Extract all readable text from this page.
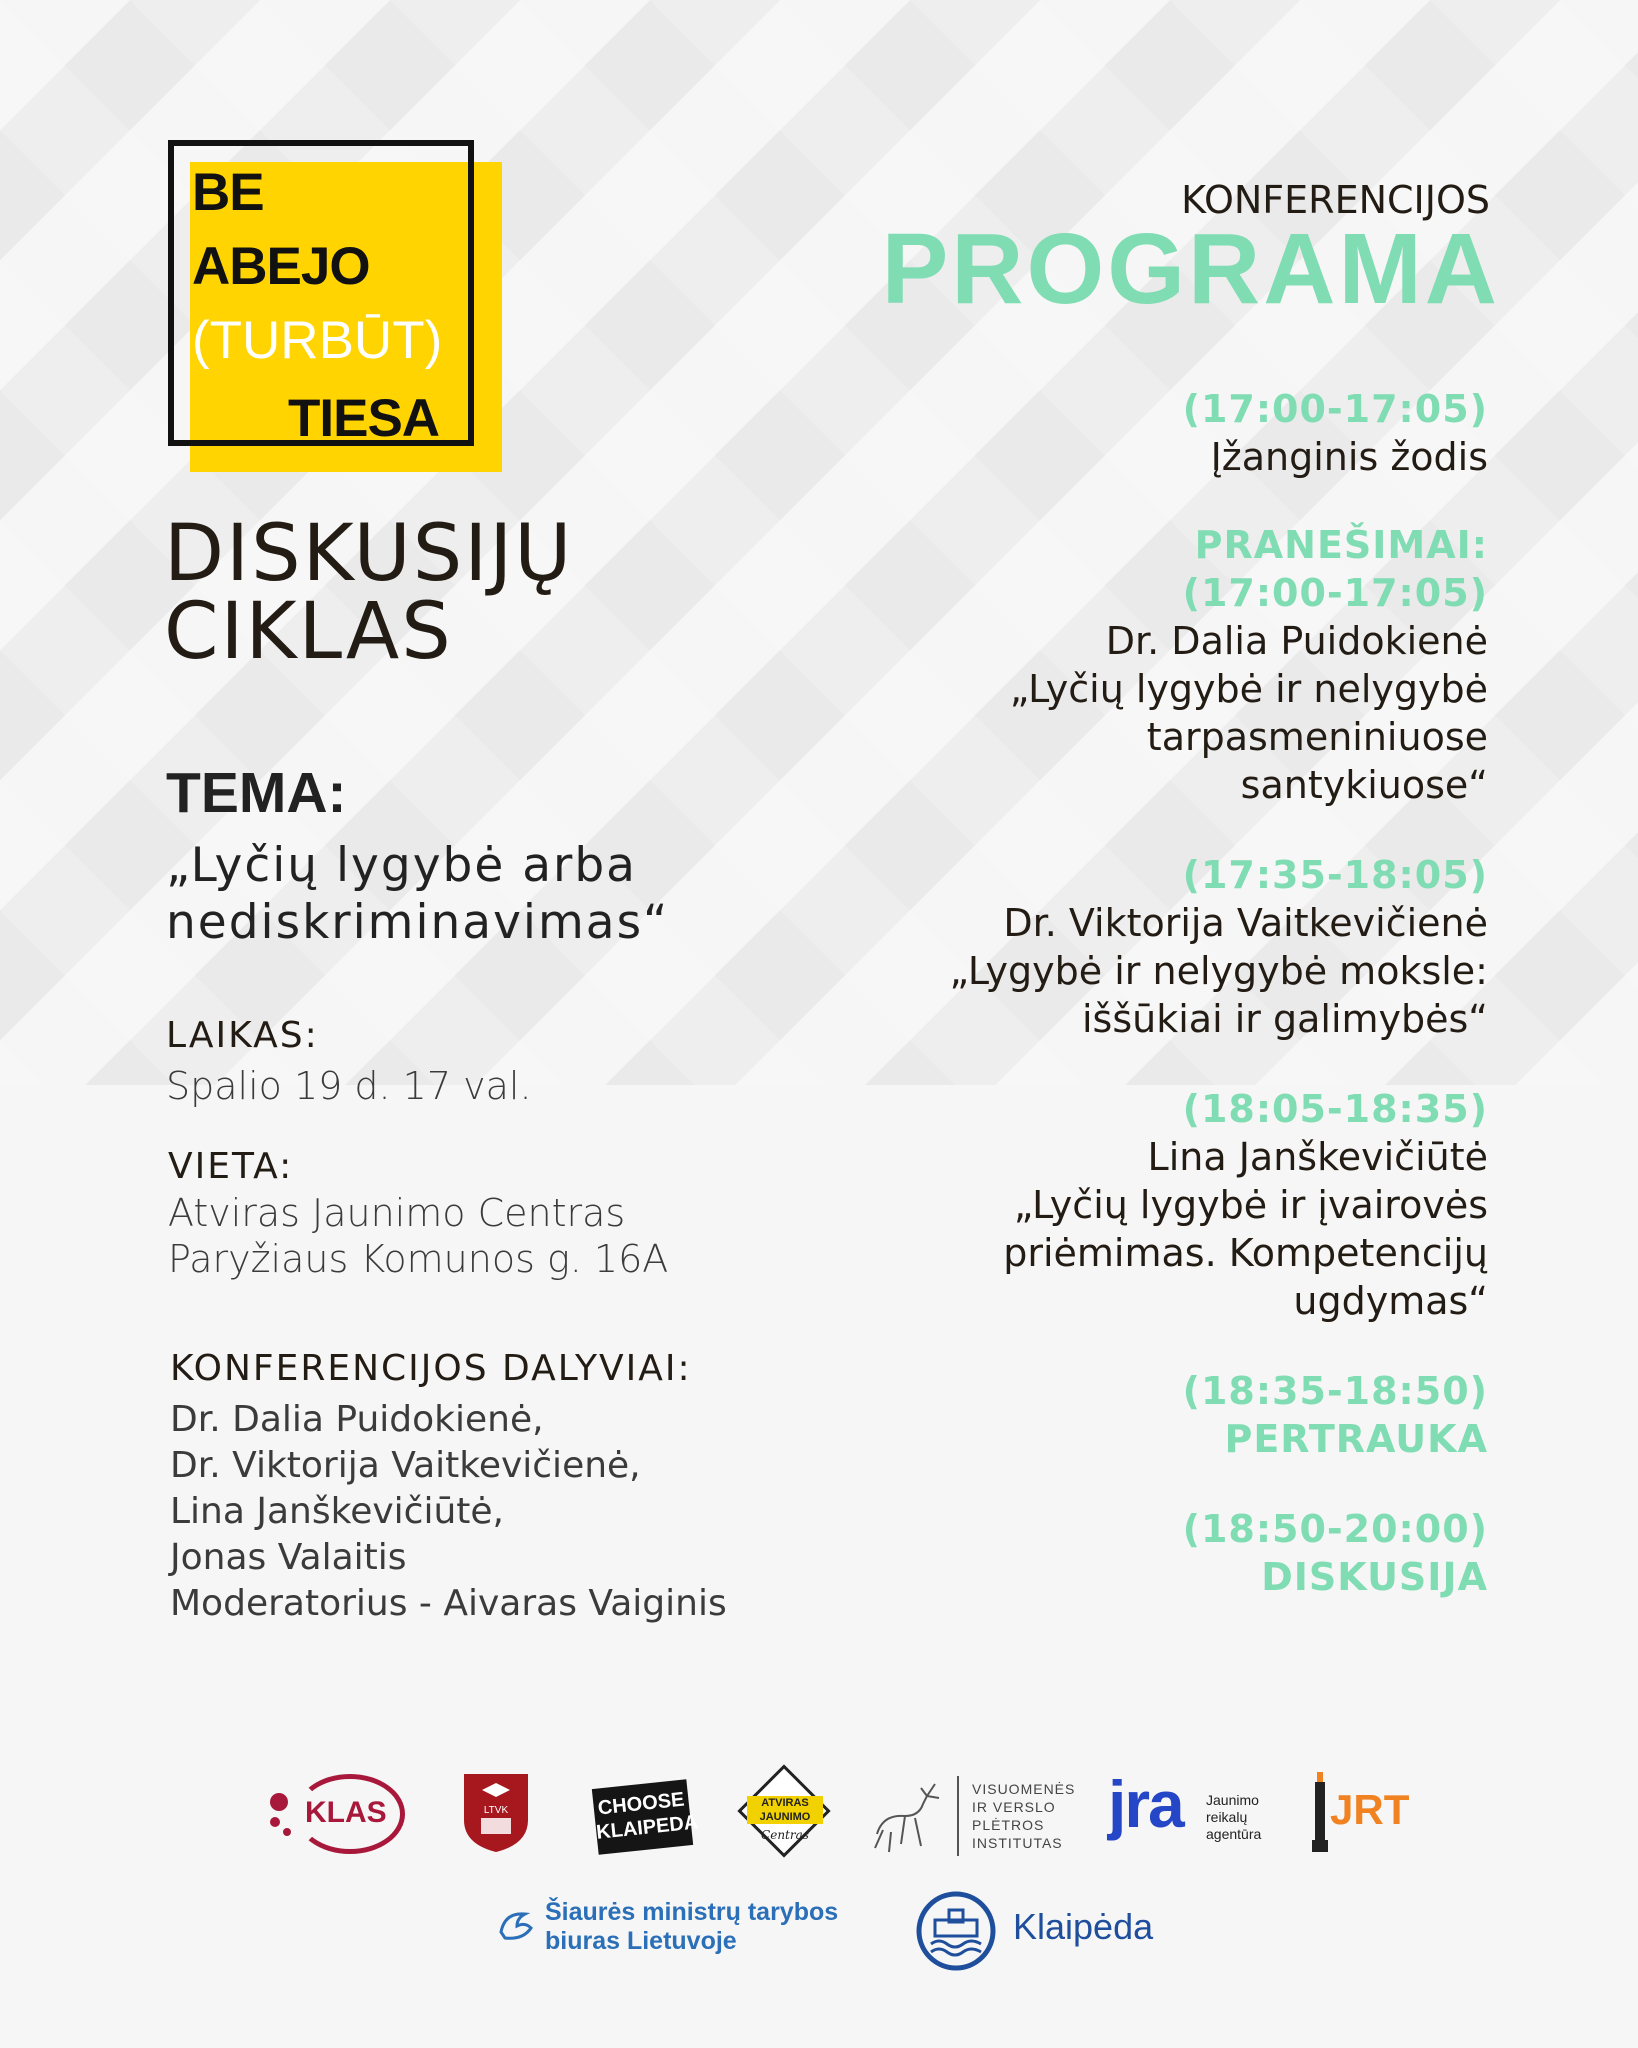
BE
ABEJO
(TURBŪT)
TIESA
DISKUSIJŲ
CIKLAS
TEMA:
„Lyčių lygybė arba
nediskriminavimas“
LAIKAS:
Spalio 19 d. 17 val.
VIETA:
Atviras Jaunimo Centras
Paryžiaus Komunos g. 16A
KONFERENCIJOS DALYVIAI:
Dr. Dalia Puidokienė,
Dr. Viktorija Vaitkevičienė,
Lina Janškevičiūtė,
Jonas Valaitis
Moderatorius - Aivaras Vaiginis
KONFERENCIJOS
PROGRAMA
(17:00-17:05)
Įžanginis žodis
PRANEŠIMAI:
(17:00-17:05)
Dr. Dalia Puidokienė
„Lyčių lygybė ir nelygybė
tarpasmeniniuose
santykiuose“
(17:35-18:05)
Dr. Viktorija Vaitkevičienė
„Lygybė ir nelygybė moksle:
iššūkiai ir galimybės“
(18:05-18:35)
Lina Janškevičiūtė
„Lyčių lygybė ir įvairovės
priėmimas. Kompetencijų
ugdymas“
(18:35-18:50)
PERTRAUKA
(18:50-20:00)
DISKUSIJA
KLAS	LTVK	CHOOSE
KLAIPEDA
ATVIRAS
JAUNIMO
Centras
VISUOMENĖS
IR VERSLO
PLĖTROS
INSTITUTAS
jra Jaunimo
reikalų
agentūra
JRT
Šiaurės ministrų tarybos
biuras Lietuvoje	Klaipėda
